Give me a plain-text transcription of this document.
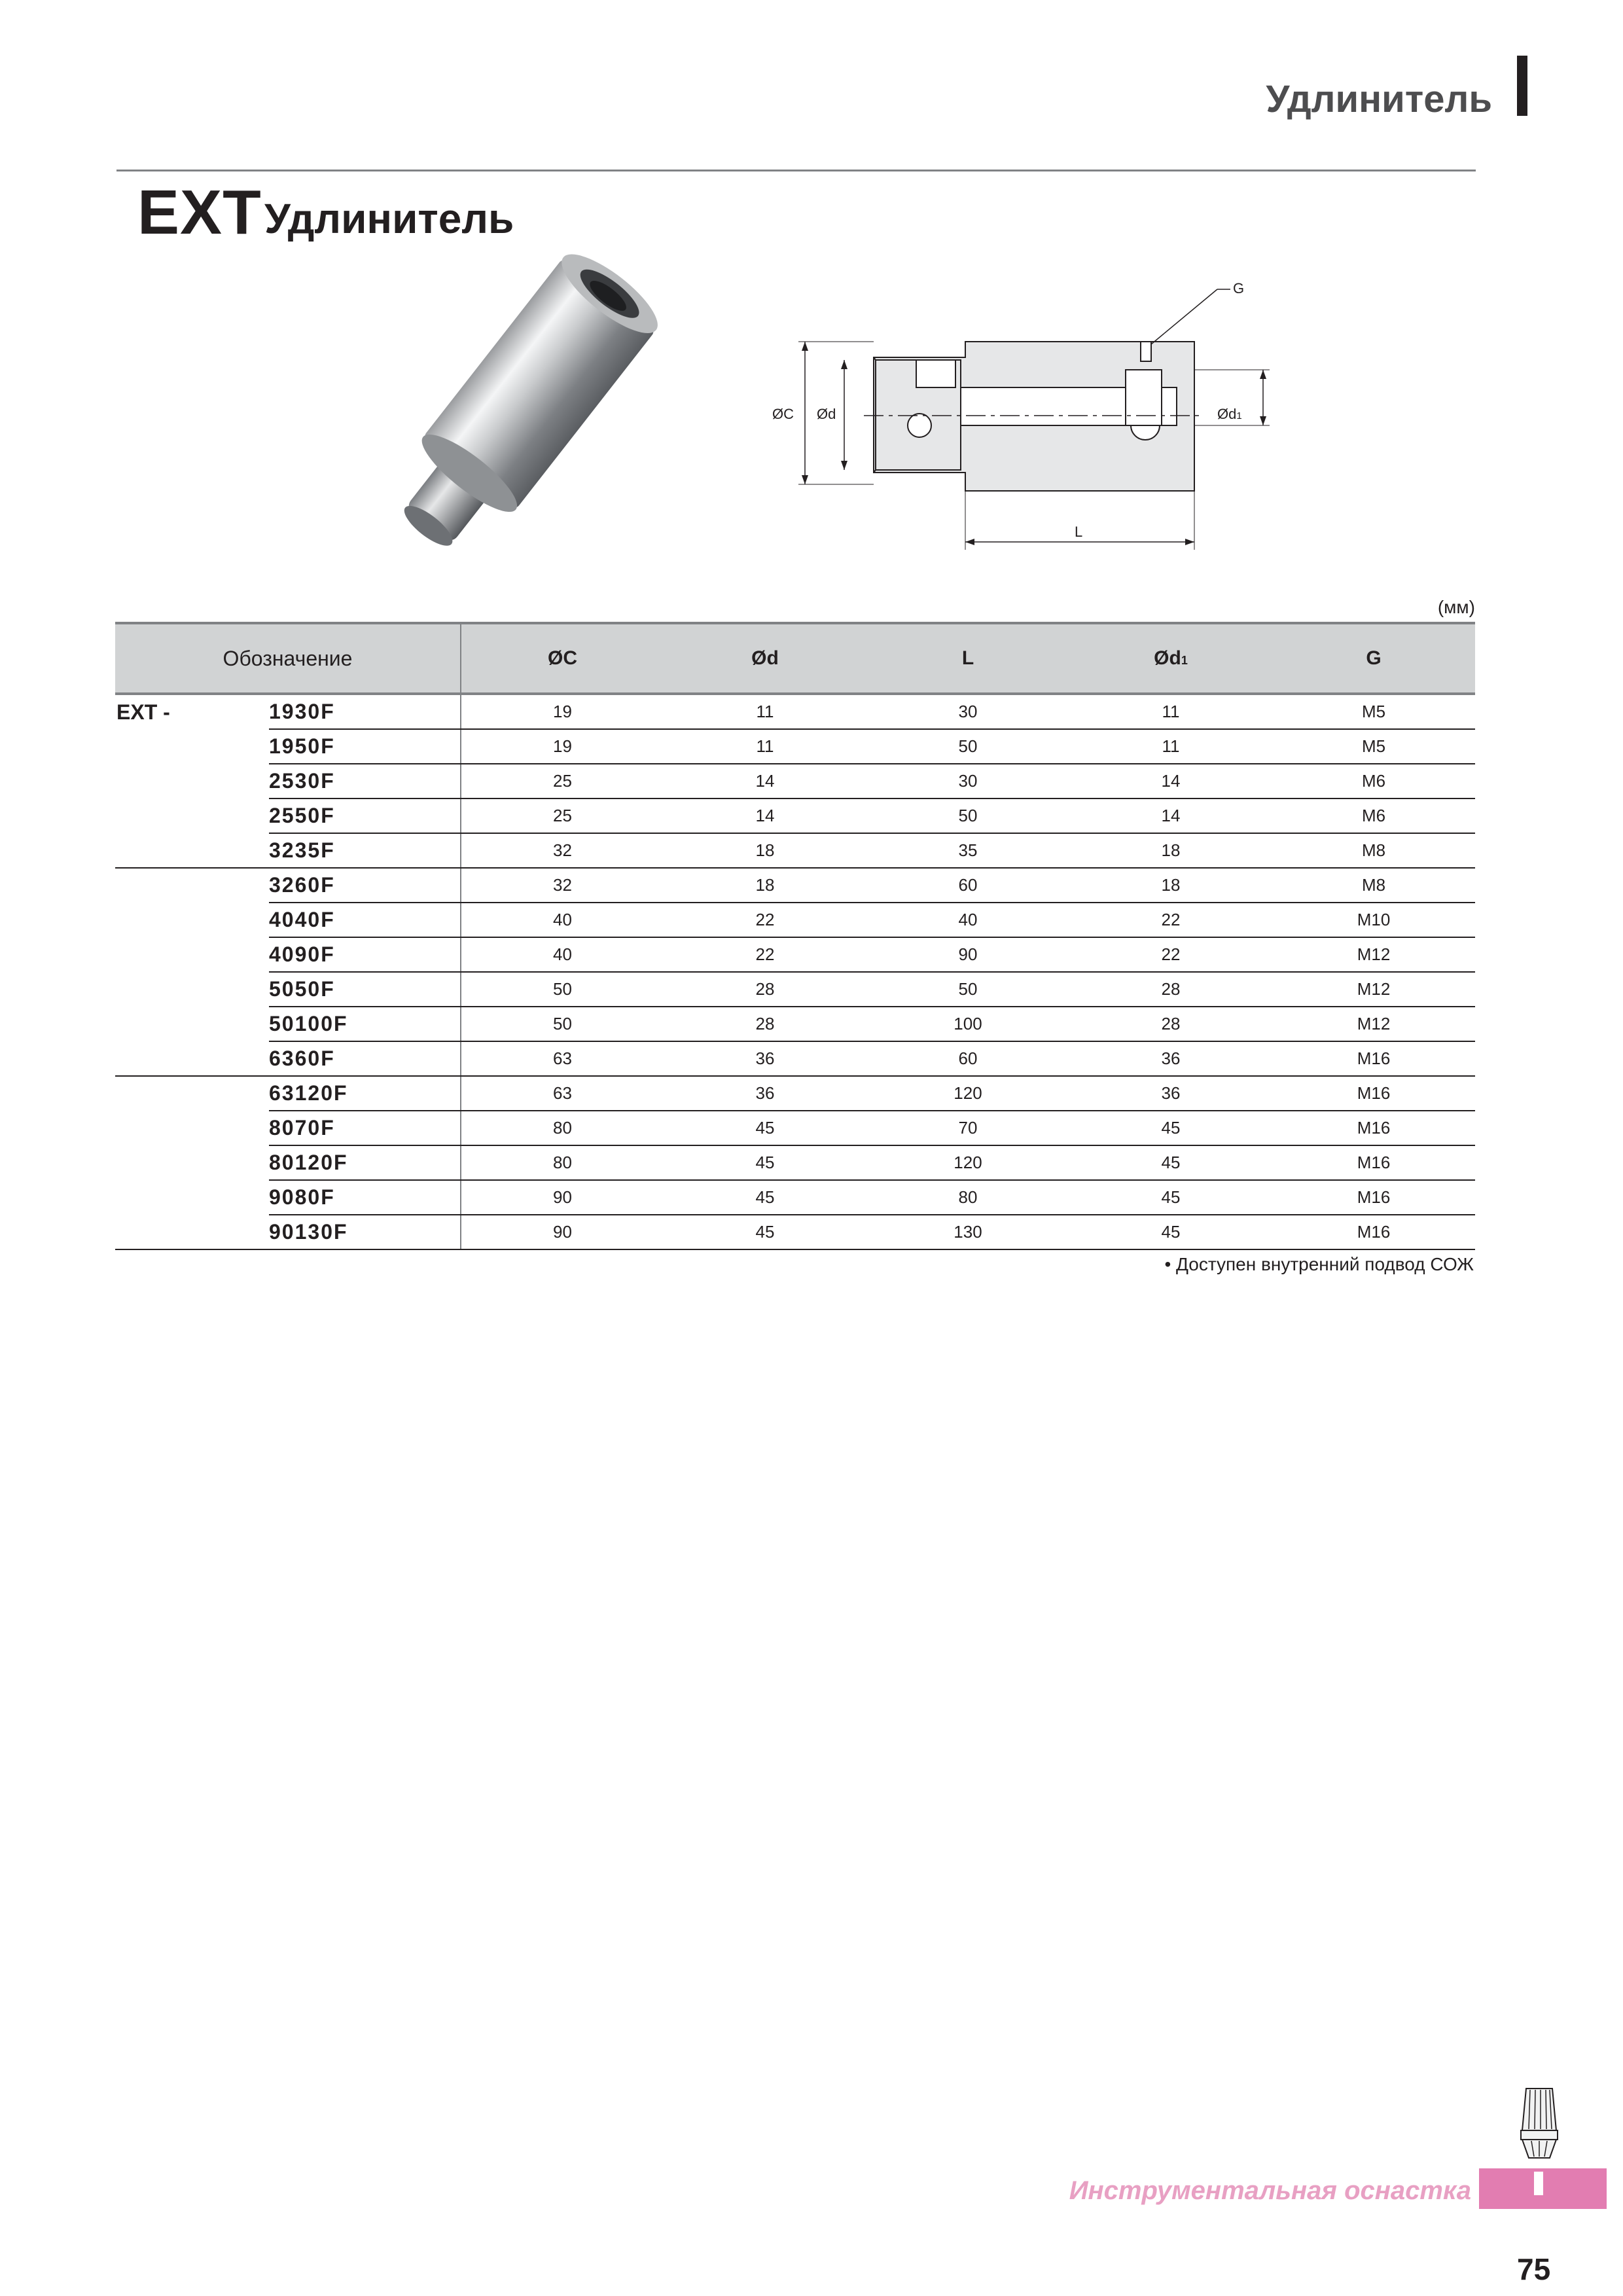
Удлинитель
EXT Удлинитель
ØC Ød	Ød1
G
L
(мм)
Обозначение		ØC	Ød	L	Ød1	G
EXT -	1930F	19	11	30	11	M5
	1950F	19	11	50	11	M5
	2530F	25	14	30	14	M6
	2550F	25	14	50	14	M6
	3235F	32	18	35	18	M8
	3260F	32	18	60	18	M8
	4040F	40	22	40	22	M10
	4090F	40	22	90	22	M12
	5050F	50	28	50	28	M12
	50100F	50	28	100	28	M12
	6360F	63	36	60	36	M16
	63120F	63	36	120	36	M16
	8070F	80	45	70	45	M16
	80120F	80	45	120	45	M16
	9080F	90	45	80	45	M16
	90130F	90	45	130	45	M16
• Доступен внутренний подвод СОЖ
Инструментальная оснастка
75
